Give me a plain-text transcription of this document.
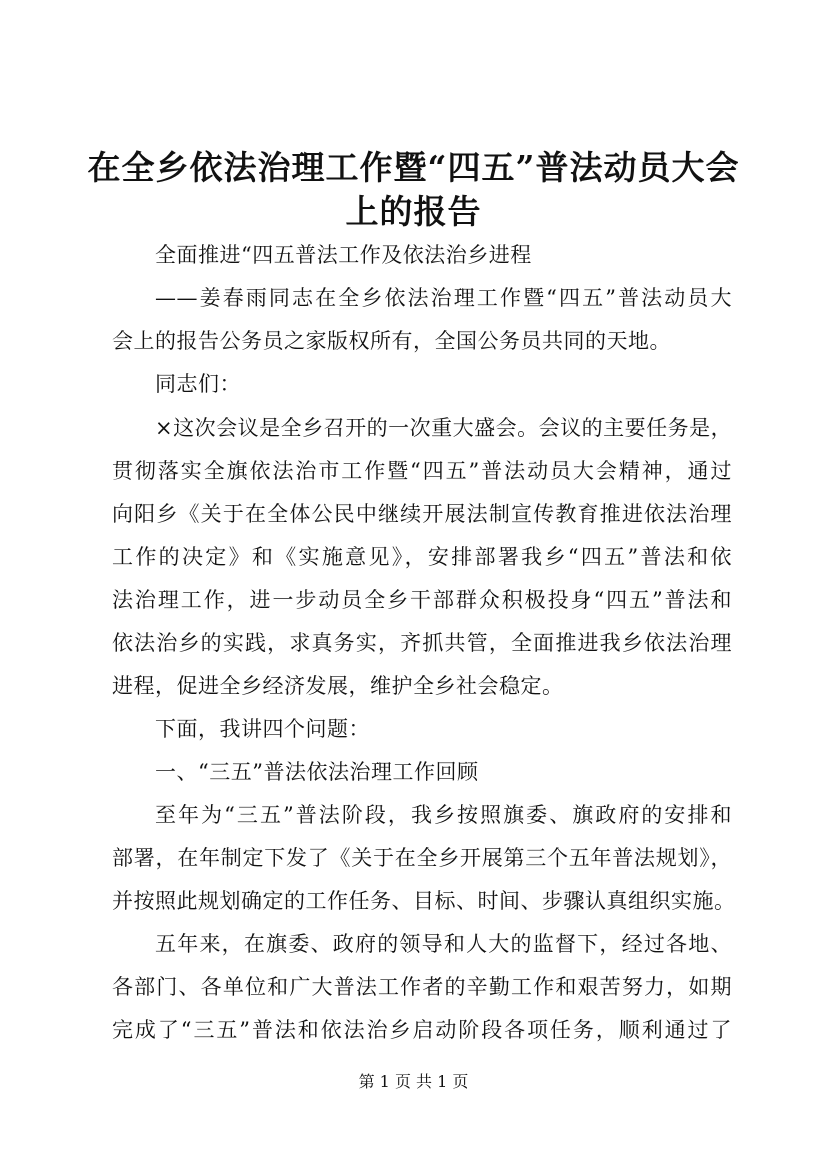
在全乡依法治理工作暨“四五”普法动员大会
上的报告

全面推进“四五普法工作及依法治乡进程

——姜春雨同志在全乡依法治理工作暨“四五”普法动员大

会上的报告公务员之家版权所有，全国公务员共同的天地。

同志们：

×这次会议是全乡召开的一次重大盛会。会议的主要任务是，

贯彻落实全旗依法治市工作暨“四五”普法动员大会精神，通过

向阳乡《关于在全体公民中继续开展法制宣传教育推进依法治理

工作的决定》和《实施意见》，安排部署我乡“四五”普法和依

法治理工作，进一步动员全乡干部群众积极投身“四五”普法和

依法治乡的实践，求真务实，齐抓共管，全面推进我乡依法治理

进程，促进全乡经济发展，维护全乡社会稳定。

下面，我讲四个问题：

一、“三五”普法依法治理工作回顾

至年为“三五”普法阶段，我乡按照旗委、旗政府的安排和

部署，在年制定下发了《关于在全乡开展第三个五年普法规划》，

并按照此规划确定的工作任务、目标、时间、步骤认真组织实施。

五年来，在旗委、政府的领导和人大的监督下，经过各地、

各部门、各单位和广大普法工作者的辛勤工作和艰苦努力，如期

完成了“三五”普法和依法治乡启动阶段各项任务，顺利通过了

第 1 页 共 1 页
